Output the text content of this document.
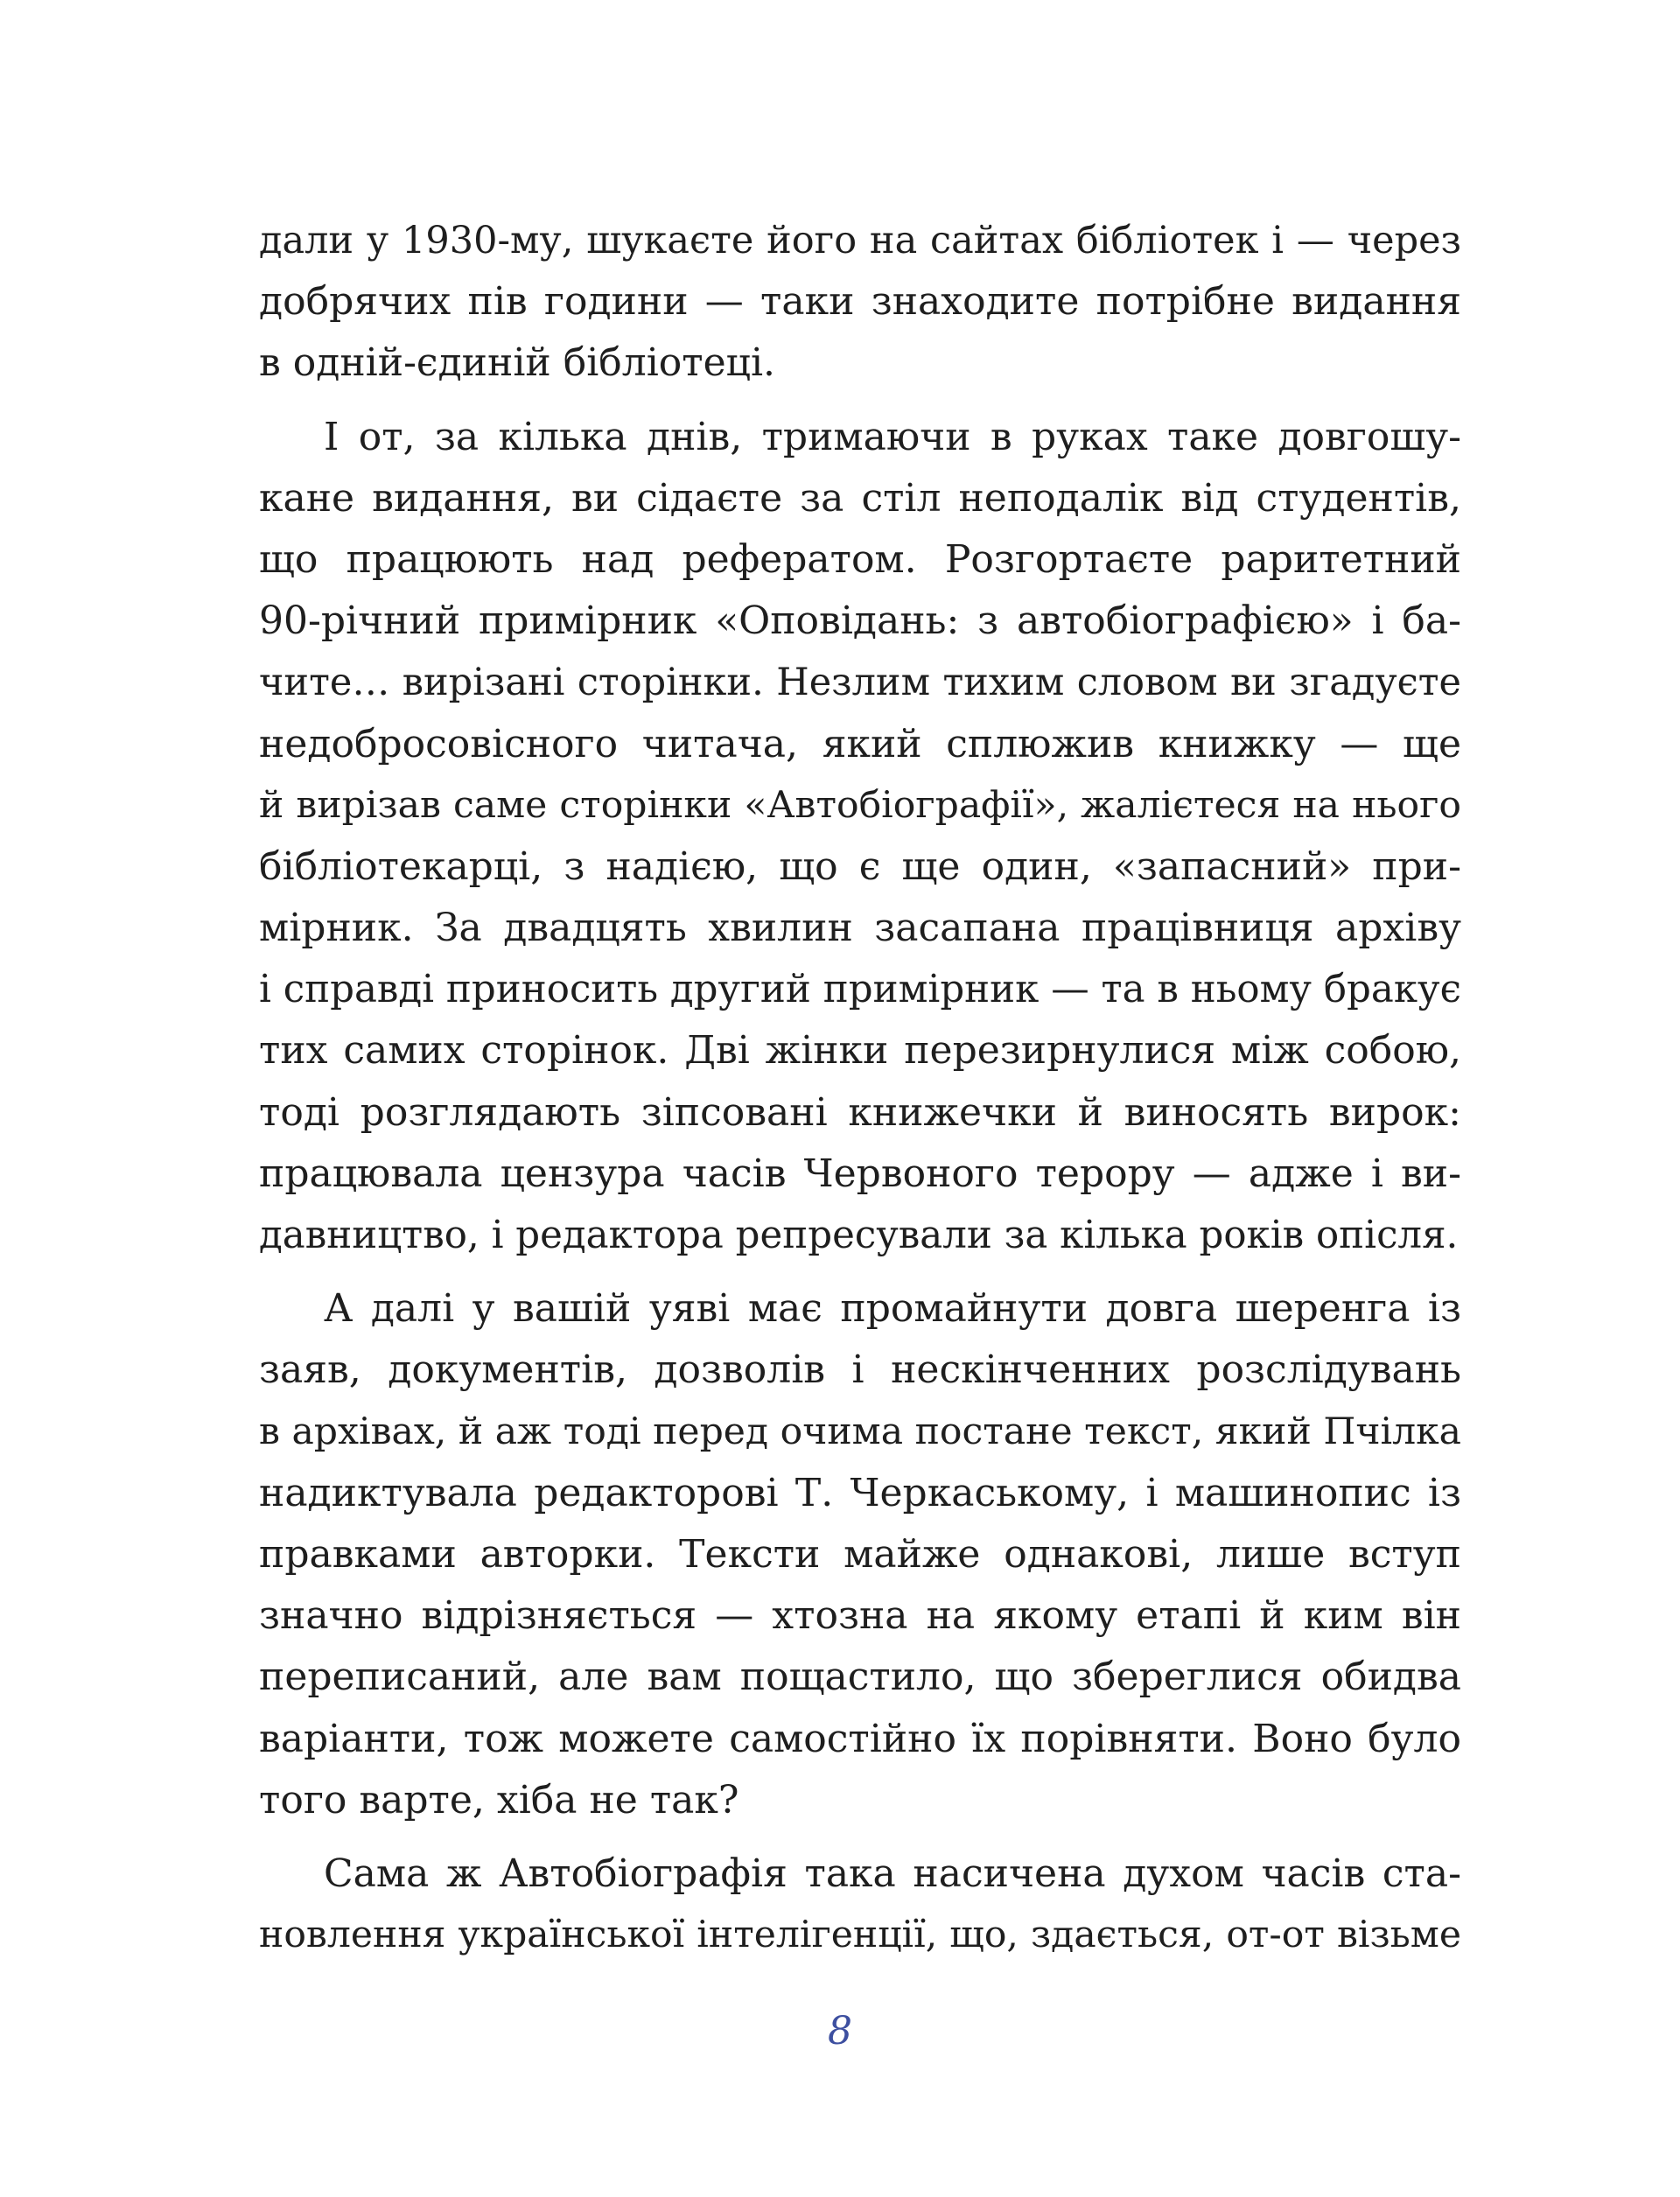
дали у 1930-му, шукаєте його на сайтах бібліотек і — через
добрячих пів години — таки знаходите потрібне видання
в одній-єдиній бібліотеці.
І от, за кілька днів, тримаючи в руках таке довгошу-
кане видання, ви сідаєте за стіл неподалік від студентів,
що працюють над рефератом. Розгортаєте раритетний
90-річний примірник «Оповідань: з автобіографією» і ба-
чите… вирізані сторінки. Незлим тихим словом ви згадуєте
недобросовісного читача, який сплюжив книжку — ще
й вирізав саме сторінки «Автобіографії», жалієтеся на нього
бібліотекарці, з надією, що є ще один, «запасний» при-
мірник. За двадцять хвилин засапана працівниця архіву
і справді приносить другий примірник — та в ньому бракує
тих самих сторінок. Дві жінки перезирнулися між собою,
тоді розглядають зіпсовані книжечки й виносять вирок:
працювала цензура часів Червоного терору — адже і ви-
давництво, і редактора репресували за кілька років опісля.
А далі у вашій уяві має промайнути довга шеренга із
заяв, документів, дозволів і нескінченних розслідувань
в архівах, й аж тоді перед очима постане текст, який Пчілка
надиктувала редакторові Т. Черкаському, і машинопис із
правками авторки. Тексти майже однакові, лише вступ
значно відрізняється — хтозна на якому етапі й ким він
переписаний, але вам пощастило, що збереглися обидва
варіанти, тож можете самостійно їх порівняти. Воно було
того варте, хіба не так?
Сама ж Автобіографія така насичена духом часів ста-
новлення української інтелігенції, що, здається, от-от візьме
8
